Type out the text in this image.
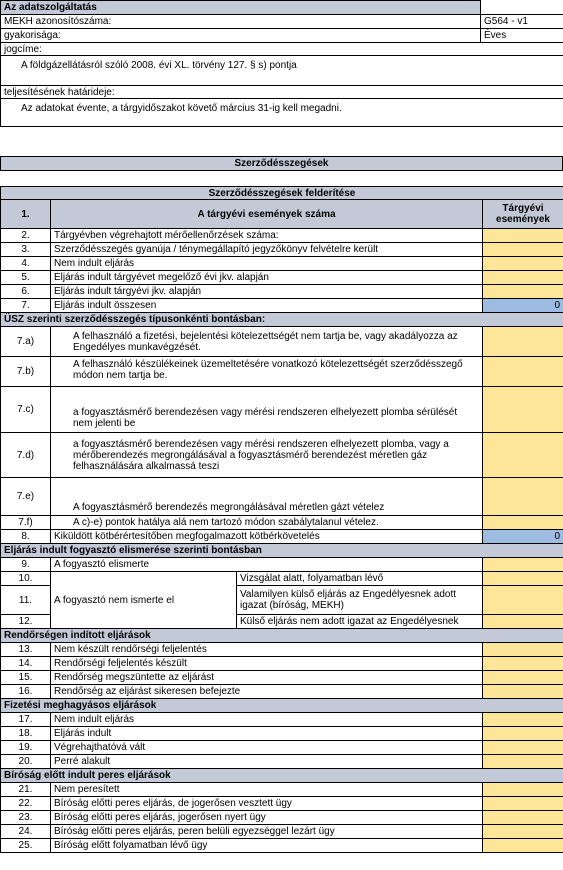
Az adatszolgáltatás	
MEKH azonosítószáma:	G564 - v1
gyakorisága:	Éves
jogcíme:	
A földgázellátásról szóló 2008. évi XL. törvény 127. § s) pontja	
teljesítésének határideje:	
Az adatokat évente, a tárgyidőszakot követő március 31-ig kell megadni.	
Szerződésszegések
Szerződésszegések felderítése			
1.	A tárgyévi események száma		Tárgyévi események
2.	Tárgyévben végrehajtott mérőellenőrzések száma:		
3.	Szerződésszegés gyanúja / ténymegállapító jegyzőkönyv felvételre került		
4.	Nem indult eljárás		
5.	Eljárás indult tárgyévet megelőző évi jkv. alapján		
6.	Eljárás indult tárgyévi jkv. alapján		
7.	Eljárás indult összesen		0
ÜSZ szerinti szerződésszegés típusonkénti bontásban:			
7.a)	A felhasználó a fizetési, bejelentési kötelezettségét nem tartja be, vagy akadályozza az Engedélyes munkavégzését.		
7.b)	A felhasználó készülékeinek üzemeltetésére vonatkozó kötelezettségét szerződésszegő módon nem tartja be.		
7.c)	a fogyasztásmérő berendezésen vagy mérési rendszeren elhelyezett plomba sérülését nem jelenti be		
7.d)	a fogyasztásmérő berendezésen vagy mérési rendszeren elhelyezett plomba, vagy a mérőberendezés megrongálásával a fogyasztásmérő berendezést méretlen gáz felhasználására alkalmassá teszi		
7.e)	A fogyasztásmérő berendezés megrongálásával méretlen gázt vételez		
7.f)	A c)-e) pontok hatálya alá nem tartozó módon szabálytalanul vételez.		
8.	Kiküldött kötbérértesítőben megfogalmazott kötbérkövetelés		0
Eljárás indult fogyasztó elismerése szerinti bontásban			
9.	A fogyasztó elismerte		
10.	A fogyasztó nem ismerte el	Vizsgálat alatt, folyamatban lévő	
11.		Valamilyen külső eljárás az Engedélyesnek adott igazat (bíróság, MEKH)	
12.		Külső eljárás nem adott igazat az Engedélyesnek	
Rendőrségen indított eljárások			
13.	Nem készült rendőrségi feljelentés		
14.	Rendőrségi feljelentés készült		
15.	Rendőrség megszüntette az eljárást		
16.	Rendőrség az eljárást sikeresen befejezte		
Fizetési meghagyásos eljárások			
17.	Nem indult eljárás		
18.	Eljárás indult		
19.	Végrehajthatóvá vált		
20.	Perré alakult		
Bíróság előtt indult peres eljárások			
21.	Nem peresített		
22.	Bíróság előtti peres eljárás, de jogerősen vesztett ügy		
23.	Bíróság előtti peres eljárás, jogerősen nyert ügy		
24.	Bíróság előtti peres eljárás, peren belüli egyezséggel lezárt ügy		
25.	Bíróság előtt folyamatban lévő ügy		
